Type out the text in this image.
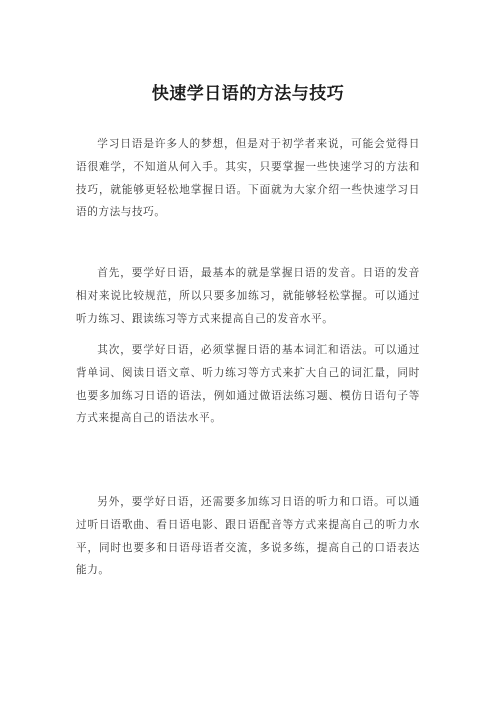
快速学日语的方法与技巧

学习日语是许多人的梦想，但是对于初学者来说，可能会觉得日语很难学，不知道从何入手。其实，只要掌握一些快速学习的方法和技巧，就能够更轻松地掌握日语。下面就为大家介绍一些快速学习日语的方法与技巧。

首先，要学好日语，最基本的就是掌握日语的发音。日语的发音相对来说比较规范，所以只要多加练习，就能够轻松掌握。可以通过听力练习、跟读练习等方式来提高自己的发音水平。

其次，要学好日语，必须掌握日语的基本词汇和语法。可以通过背单词、阅读日语文章、听力练习等方式来扩大自己的词汇量，同时也要多加练习日语的语法，例如通过做语法练习题、模仿日语句子等方式来提高自己的语法水平。

另外，要学好日语，还需要多加练习日语的听力和口语。可以通过听日语歌曲、看日语电影、跟日语配音等方式来提高自己的听力水平，同时也要多和日语母语者交流，多说多练，提高自己的口语表达能力。
